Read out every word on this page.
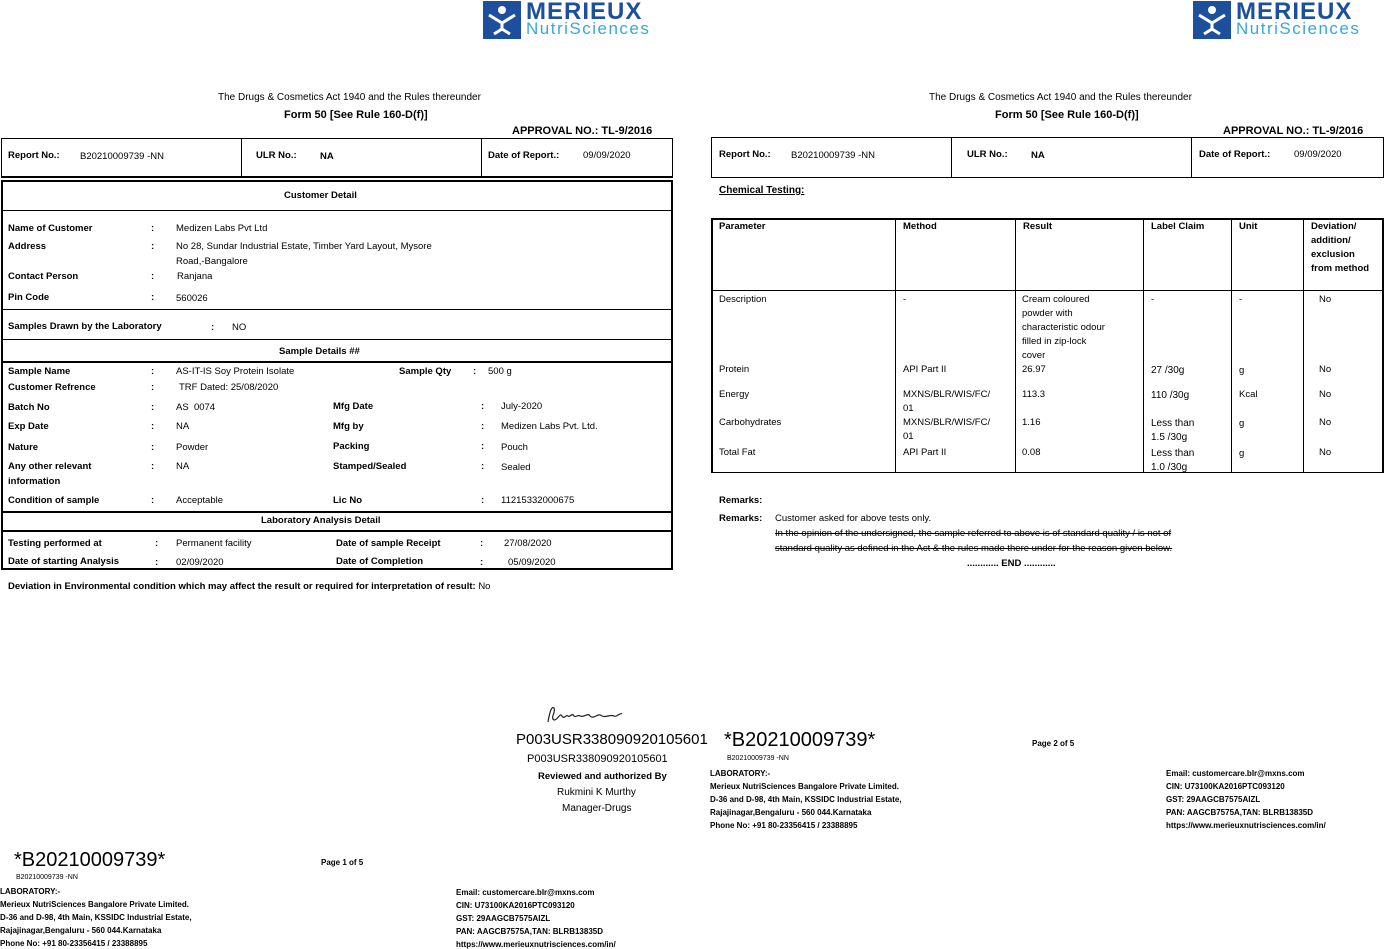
MERIEUX
NutriSciences
MERIEUX
NutriSciences
The Drugs & Cosmetics Act 1940 and the Rules thereunder
Form 50 [See Rule 160-D(f)]
APPROVAL NO.: TL-9/2016
Report No.: B20210009739 -NN	ULR No.: NA	Date of Report.:	09/09/2020
Customer Detail
Name of Customer	: Medizen Labs Pvt Ltd
Address	: No 28, Sundar Industrial Estate, Timber Yard Layout, Mysore
Road,-Bangalore
Contact Person	: Ranjana
Pin Code	: 560026
Samples Drawn by the Laboratory	: NO
Sample Details ##
Sample Name	: AS-IT-IS Soy Protein Isolate	Sample Qty : 500 g
Customer Refrence	:	TRF Dated: 25/08/2020
Batch No	: AS  0074	Mfg Date	: July-2020
Exp Date	: NA	Mfg by	: Medizen Labs Pvt. Ltd.
Nature	: Powder	Packing	: Pouch
Any other relevant
information
: NA	Stamped/Sealed	: Sealed
Condition of sample	: Acceptable	Lic No	: 11215332000675
Laboratory Analysis Detail
Testing performed at	: Permanent facility	Date of sample Receipt	: 27/08/2020
Date of starting Analysis	: 02/09/2020	Date of Completion	:	05/09/2020
Deviation in Environmental condition which may affect the result or required for interpretation of result: No
The Drugs & Cosmetics Act 1940 and the Rules thereunder
Form 50 [See Rule 160-D(f)]
APPROVAL NO.: TL-9/2016
Report No.: B20210009739 -NN	ULR No.: NA	Date of Report.:	09/09/2020
Chemical Testing:
Parameter	Method	Result	Label Claim	Unit	Deviation/
addition/
exclusion
from method
Description	-	Cream coloured
powder with
characteristic odour
filled in zip-lock
cover
-	-	No
Protein	API Part II	26.97	27 /30g	g	No
Energy	MXNS/BLR/WIS/FC/
01
113.3	110 /30g	Kcal	No
Carbohydrates	MXNS/BLR/WIS/FC/
01
1.16	Less than
1.5 /30g
g	No
Total Fat	API Part II	0.08	Less than
1.0 /30g
g	No
Remarks:
Remarks: Customer asked for above tests only.
In the opinion of the undersigned, the sample referred to above is of standard quality / is not of
standard quality as defined in the Act & the rules made there under for the reason given below.
............ END ............
P003USR338090920105601
P003USR338090920105601
Reviewed and authorized By
Rukmini K Murthy
Manager-Drugs
*B20210009739*
B20210009739 -NN
Page 2 of 5
LABORATORY:-
Merieux NutriSciences Bangalore Private Limited.
D-36 and D-98, 4th Main, KSSIDC Industrial Estate,
Rajajinagar,Bengaluru - 560 044.Karnataka
Phone No: +91 80-23356415 / 23388895
Email: customercare.blr@mxns.com
CIN: U73100KA2016PTC093120
GST: 29AAGCB7575AIZL
PAN: AAGCB7575A,TAN: BLRB13835D
https://www.merieuxnutrisciences.com/in/
*B20210009739*
B20210009739 -NN
Page 1 of 5
LABORATORY:-
Merieux NutriSciences Bangalore Private Limited.
D-36 and D-98, 4th Main, KSSIDC Industrial Estate,
Rajajinagar,Bengaluru - 560 044.Karnataka
Phone No: +91 80-23356415 / 23388895
Email: customercare.blr@mxns.com
CIN: U73100KA2016PTC093120
GST: 29AAGCB7575AIZL
PAN: AAGCB7575A,TAN: BLRB13835D
https://www.merieuxnutrisciences.com/in/
